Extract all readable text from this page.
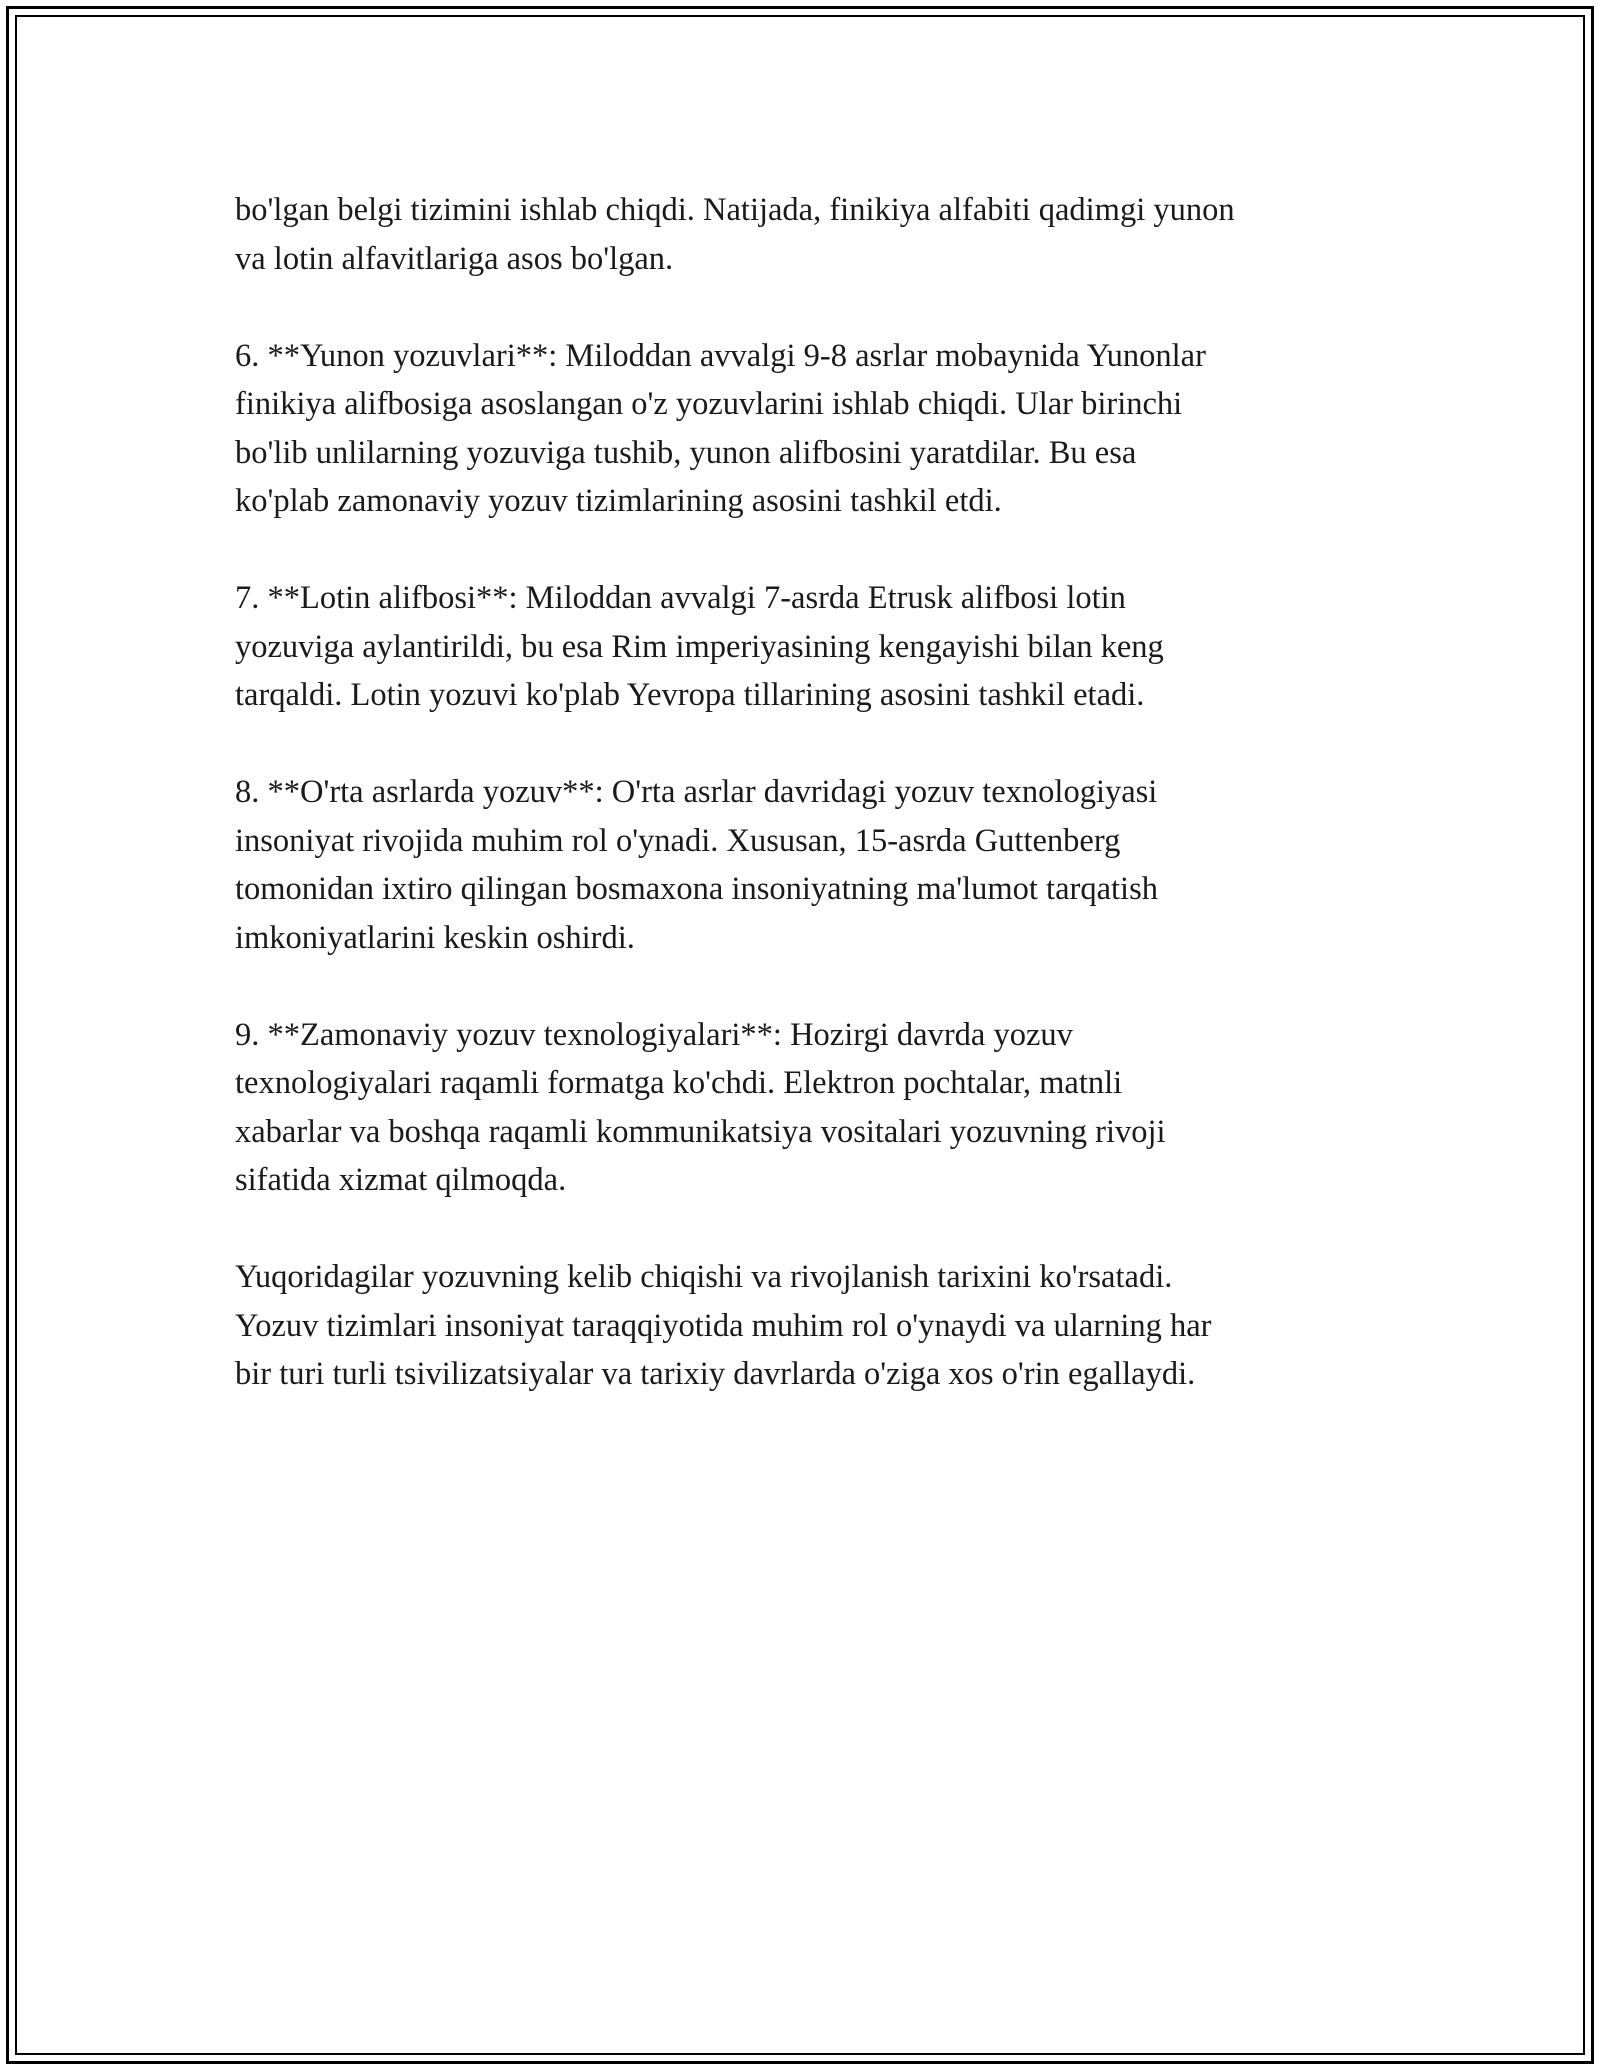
bo'lgan belgi tizimini ishlab chiqdi. Natijada, finikiya alfabiti qadimgi yunon
va lotin alfavitlariga asos bo'lgan.

6. **Yunon yozuvlari**: Miloddan avvalgi 9-8 asrlar mobaynida Yunonlar
finikiya alifbosiga asoslangan o'z yozuvlarini ishlab chiqdi. Ular birinchi
bo'lib unlilarning yozuviga tushib, yunon alifbosini yaratdilar. Bu esa
ko'plab zamonaviy yozuv tizimlarining asosini tashkil etdi.

7. **Lotin alifbosi**: Miloddan avvalgi 7-asrda Etrusk alifbosi lotin
yozuviga aylantirildi, bu esa Rim imperiyasining kengayishi bilan keng
tarqaldi. Lotin yozuvi ko'plab Yevropa tillarining asosini tashkil etadi.

8. **O'rta asrlarda yozuv**: O'rta asrlar davridagi yozuv texnologiyasi
insoniyat rivojida muhim rol o'ynadi. Xususan, 15-asrda Guttenberg
tomonidan ixtiro qilingan bosmaxona insoniyatning ma'lumot tarqatish
imkoniyatlarini keskin oshirdi.

9. **Zamonaviy yozuv texnologiyalari**: Hozirgi davrda yozuv
texnologiyalari raqamli formatga ko'chdi. Elektron pochtalar, matnli
xabarlar va boshqa raqamli kommunikatsiya vositalari yozuvning rivoji
sifatida xizmat qilmoqda.

Yuqoridagilar yozuvning kelib chiqishi va rivojlanish tarixini ko'rsatadi.
Yozuv tizimlari insoniyat taraqqiyotida muhim rol o'ynaydi va ularning har
bir turi turli tsivilizatsiyalar va tarixiy davrlarda o'ziga xos o'rin egallaydi.
